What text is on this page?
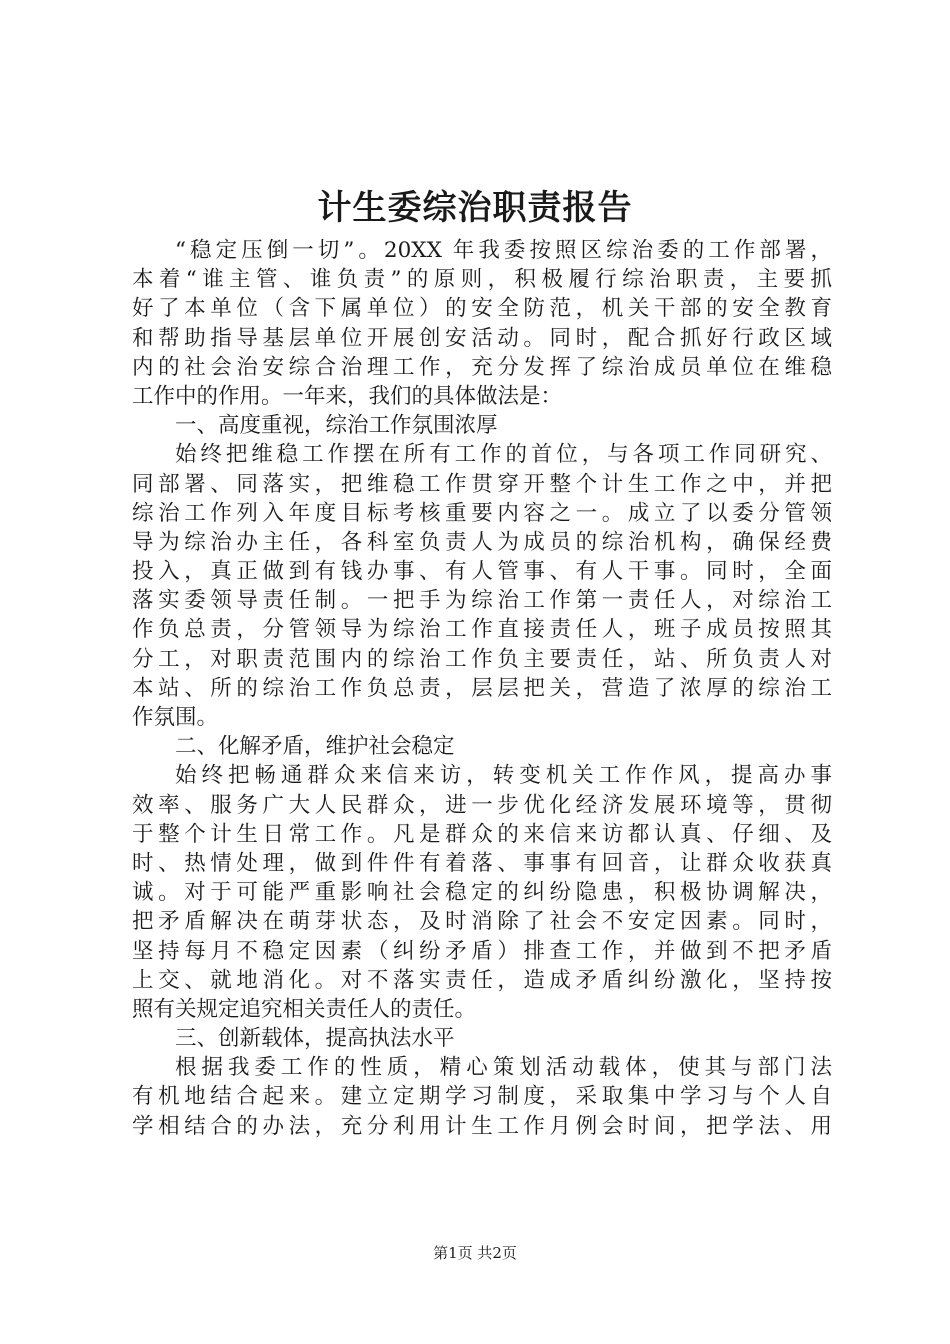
计生委综治职责报告
“稳定压倒一切”。20XX 年我委按照区综治委的工作部署，
本着“谁主管、谁负责”的原则，积极履行综治职责，主要抓
好了本单位（含下属单位）的安全防范，机关干部的安全教育
和帮助指导基层单位开展创安活动。同时，配合抓好行政区域
内的社会治安综合治理工作，充分发挥了综治成员单位在维稳
工作中的作用。一年来，我们的具体做法是：
一、高度重视，综治工作氛围浓厚
始终把维稳工作摆在所有工作的首位，与各项工作同研究、
同部署、同落实，把维稳工作贯穿开整个计生工作之中，并把
综治工作列入年度目标考核重要内容之一。成立了以委分管领
导为综治办主任，各科室负责人为成员的综治机构，确保经费
投入，真正做到有钱办事、有人管事、有人干事。同时，全面
落实委领导责任制。一把手为综治工作第一责任人，对综治工
作负总责，分管领导为综治工作直接责任人，班子成员按照其
分工，对职责范围内的综治工作负主要责任，站、所负责人对
本站、所的综治工作负总责，层层把关，营造了浓厚的综治工
作氛围。
二、化解矛盾，维护社会稳定
始终把畅通群众来信来访，转变机关工作作风，提高办事
效率、服务广大人民群众，进一步优化经济发展环境等，贯彻
于整个计生日常工作。凡是群众的来信来访都认真、仔细、及
时、热情处理，做到件件有着落、事事有回音，让群众收获真
诚。对于可能严重影响社会稳定的纠纷隐患，积极协调解决，
把矛盾解决在萌芽状态，及时消除了社会不安定因素。同时，
坚持每月不稳定因素（纠纷矛盾）排查工作，并做到不把矛盾
上交、就地消化。对不落实责任，造成矛盾纠纷激化，坚持按
照有关规定追究相关责任人的责任。
三、创新载体，提高执法水平
根据我委工作的性质，精心策划活动载体，使其与部门法
有机地结合起来。建立定期学习制度，采取集中学习与个人自
学相结合的办法，充分利用计生工作月例会时间，把学法、用
第1页 共2页
